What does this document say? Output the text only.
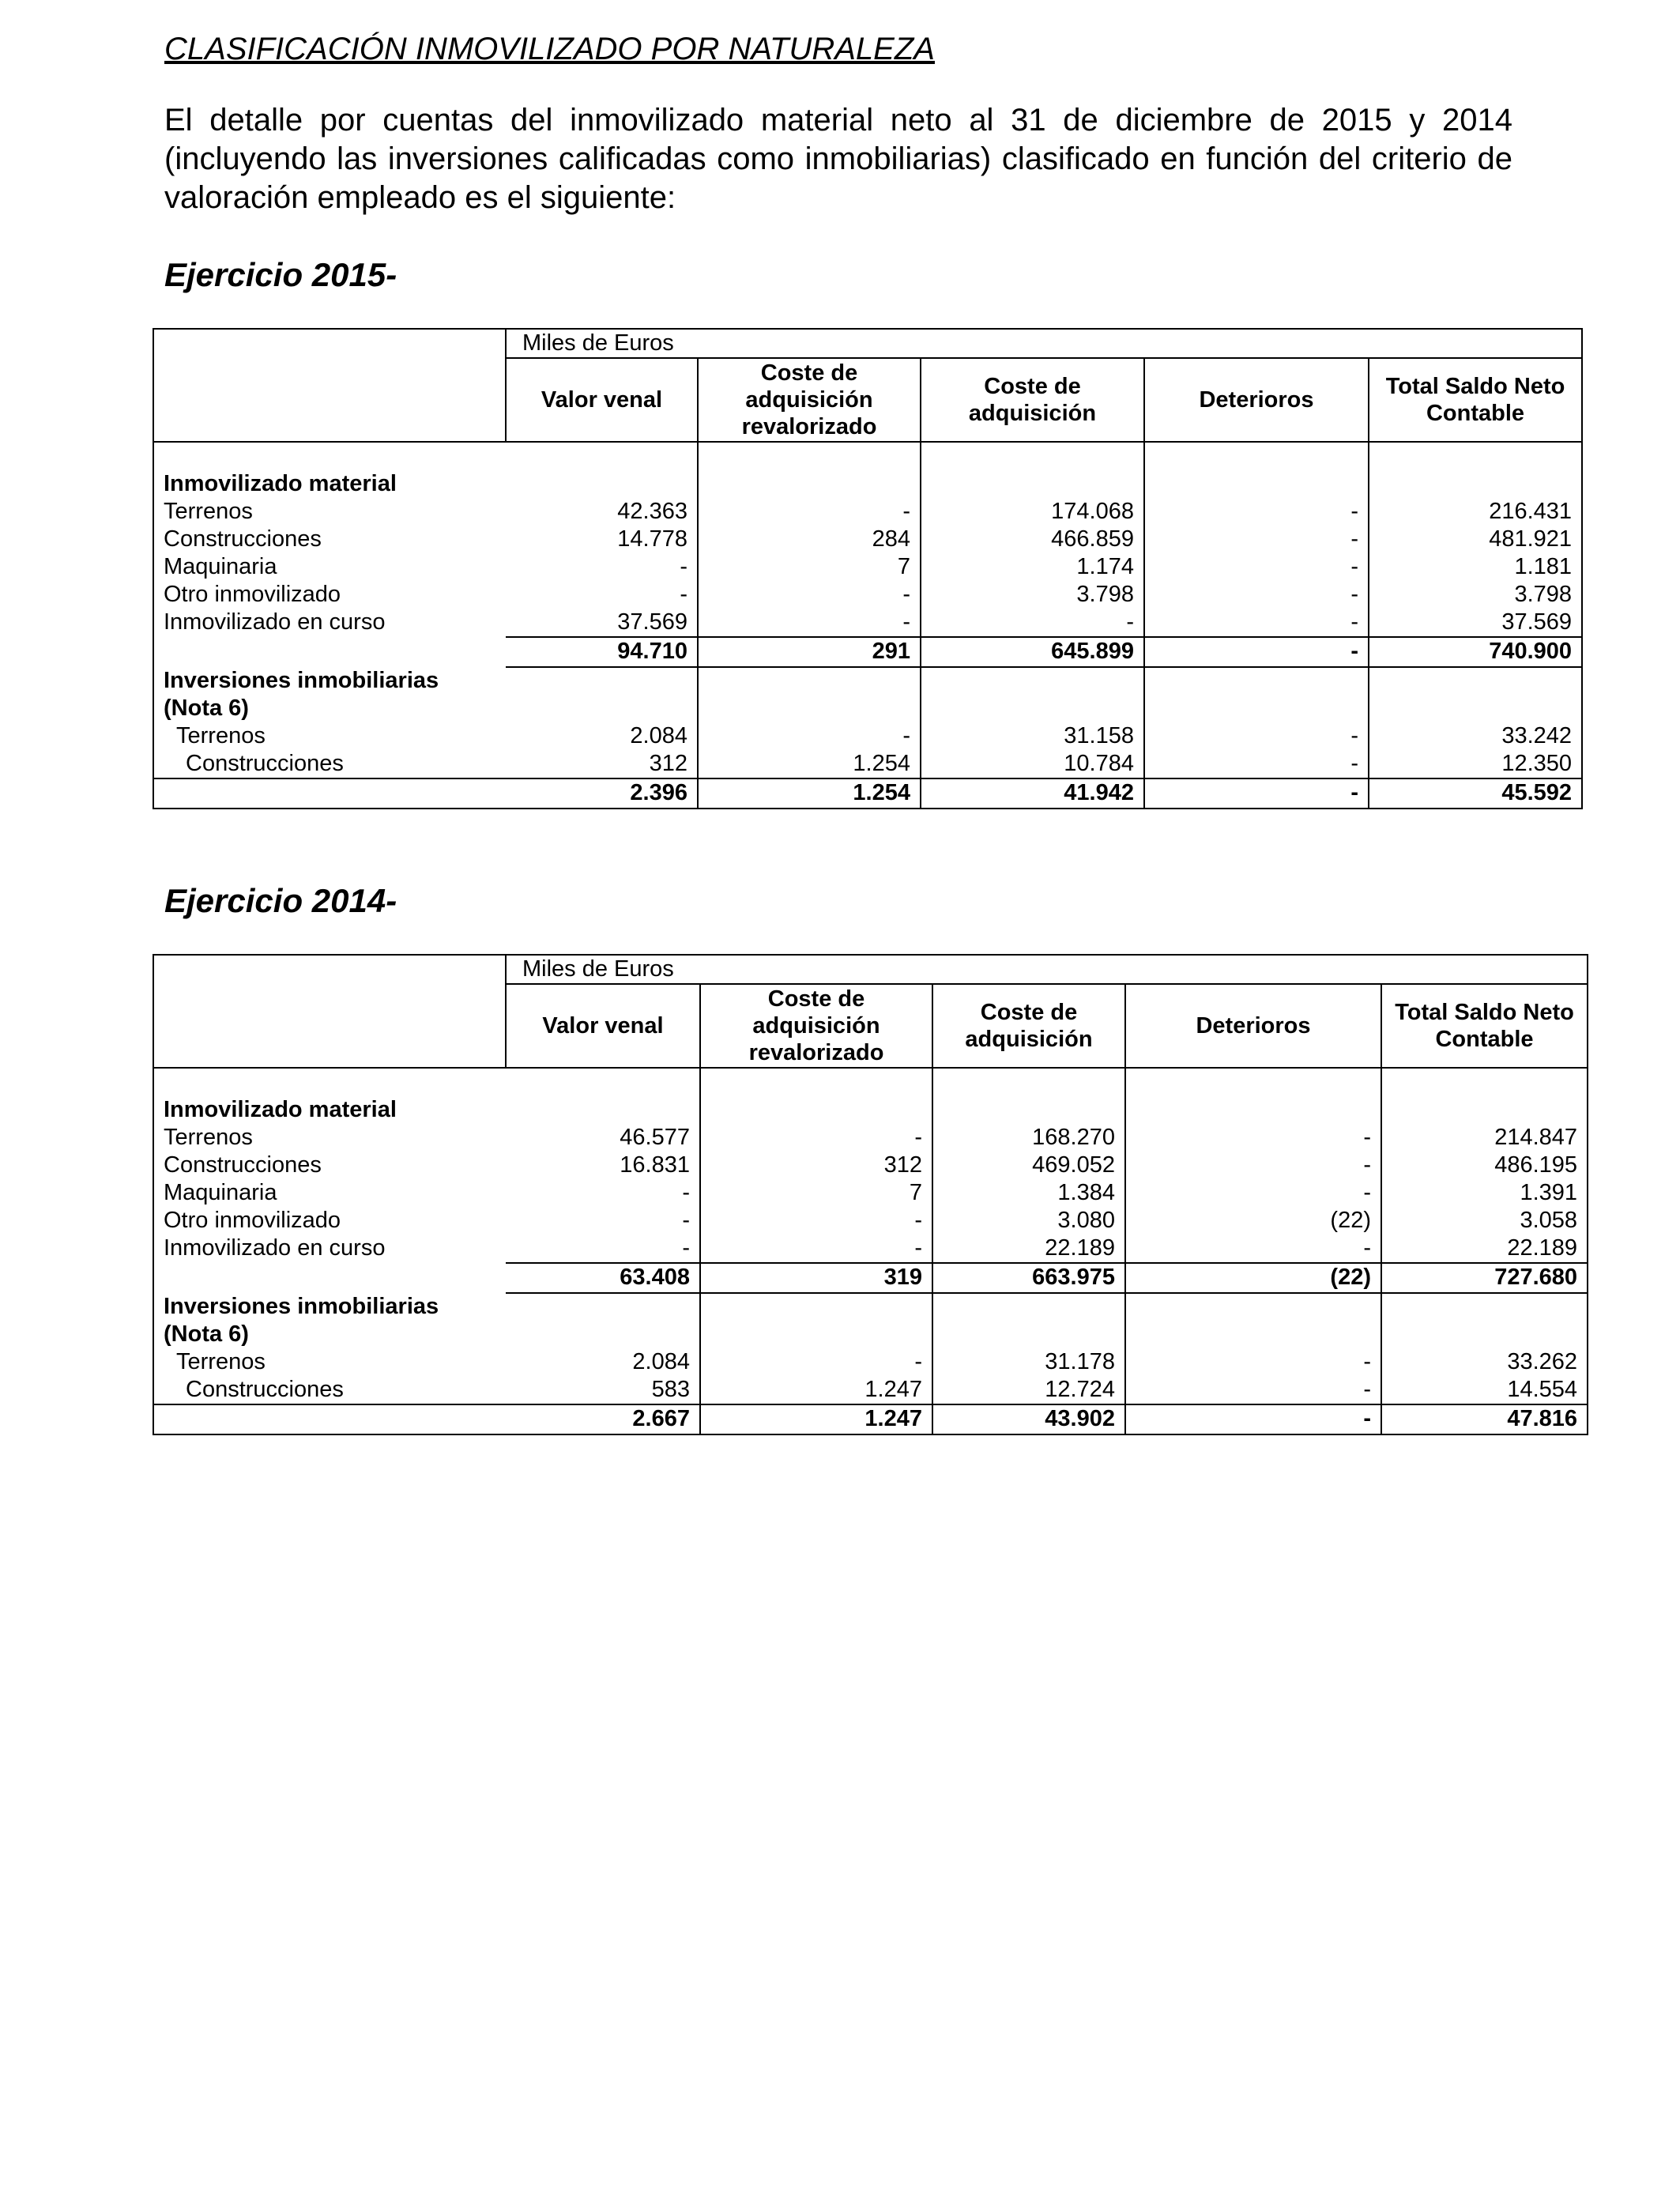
CLASIFICACIÓN INMOVILIZADO POR NATURALEZA

El detalle por cuentas del inmovilizado material neto al 31 de diciembre de 2015 y 2014 (incluyendo las inversiones calificadas como inmobiliarias) clasificado en función del criterio de valoración empleado es el siguiente:

Ejercicio 2015-
	Miles de Euros				
	Valor venal	Coste de adquisición revalorizado	Coste de adquisición	Deterioros	Total Saldo Neto Contable

Inmovilizado material					
Terrenos	42.363	-	174.068	-	216.431
Construcciones	14.778	284	466.859	-	481.921
Maquinaria	-	7	1.174	-	1.181
Otro inmovilizado	-	-	3.798	-	3.798
Inmovilizado en curso	37.569	-	-	-	37.569
	94.710	291	645.899	-	740.900
Inversiones inmobiliarias					
(Nota 6)					
Terrenos	2.084	-	31.158	-	33.242
Construcciones	312	1.254	10.784	-	12.350
	2.396	1.254	41.942	-	45.592
Ejercicio 2014-
	Miles de Euros				
	Valor venal	Coste de adquisición revalorizado	Coste de adquisición	Deterioros	Total Saldo Neto Contable

Inmovilizado material					
Terrenos	46.577	-	168.270	-	214.847
Construcciones	16.831	312	469.052	-	486.195
Maquinaria	-	7	1.384	-	1.391
Otro inmovilizado	-	-	3.080	(22)	3.058
Inmovilizado en curso	-	-	22.189	-	22.189
	63.408	319	663.975	(22)	727.680
Inversiones inmobiliarias					
(Nota 6)					
Terrenos	2.084	-	31.178	-	33.262
Construcciones	583	1.247	12.724	-	14.554
	2.667	1.247	43.902	-	47.816
